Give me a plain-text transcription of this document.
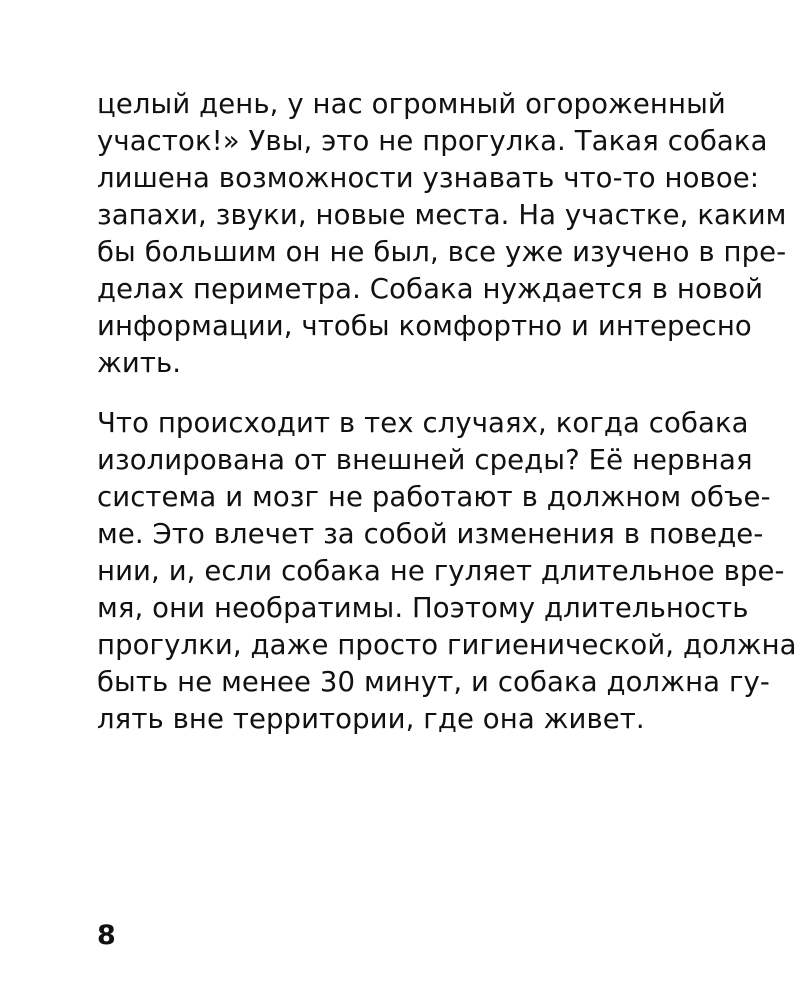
целый день, у нас огромный огороженный
участок!» Увы, это не прогулка. Такая собака
лишена возможности узнавать что-то новое:
запахи, звуки, новые места. На участке, каким
бы большим он не был, все уже изучено в пре-
делах периметра. Собака нуждается в новой
информации, чтобы комфортно и интересно
жить.

Что происходит в тех случаях, когда собака
изолирована от внешней среды? Её нервная
система и мозг не работают в должном объе-
ме. Это влечет за собой изменения в поведе-
нии, и, если собака не гуляет длительное вре-
мя, они необратимы. Поэтому длительность
прогулки, даже просто гигиенической, должна
быть не менее 30 минут, и собака должна гу-
лять вне территории, где она живет.

8
